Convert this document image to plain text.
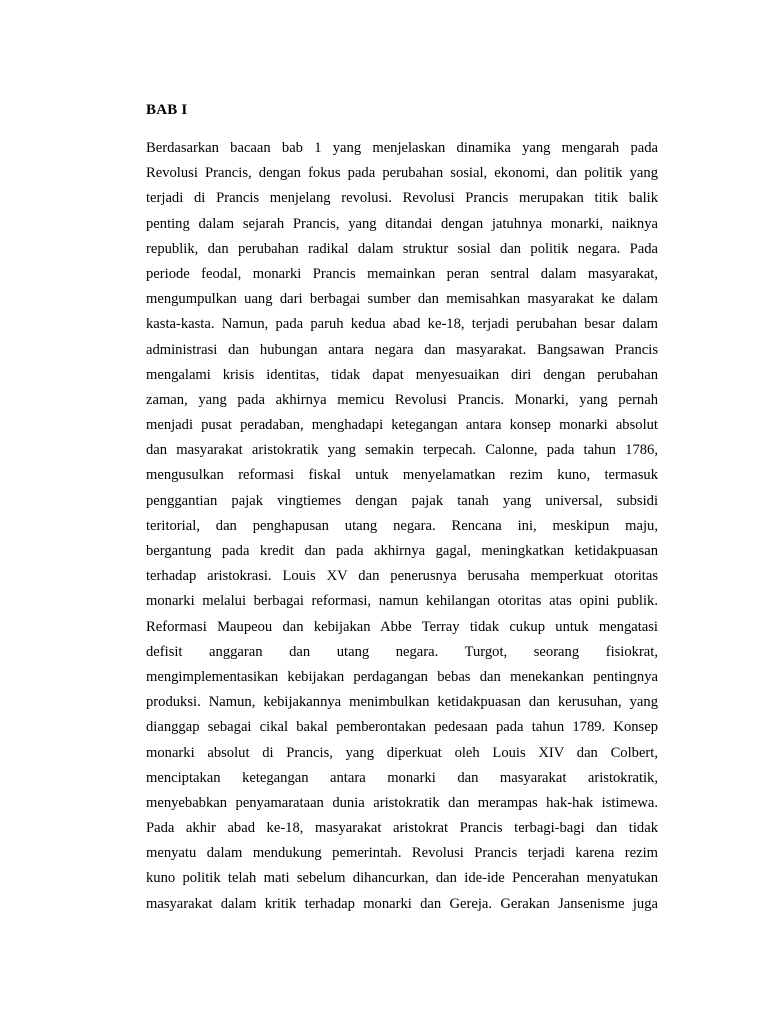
BAB I
Berdasarkan bacaan bab 1 yang menjelaskan dinamika yang mengarah pada
Revolusi Prancis, dengan fokus pada perubahan sosial, ekonomi, dan politik yang
terjadi di Prancis menjelang revolusi. Revolusi Prancis merupakan titik balik
penting dalam sejarah Prancis, yang ditandai dengan jatuhnya monarki, naiknya
republik, dan perubahan radikal dalam struktur sosial dan politik negara. Pada
periode feodal, monarki Prancis memainkan peran sentral dalam masyarakat,
mengumpulkan uang dari berbagai sumber dan memisahkan masyarakat ke dalam
kasta-kasta. Namun, pada paruh kedua abad ke-18, terjadi perubahan besar dalam
administrasi dan hubungan antara negara dan masyarakat. Bangsawan Prancis
mengalami krisis identitas, tidak dapat menyesuaikan diri dengan perubahan
zaman, yang pada akhirnya memicu Revolusi Prancis. Monarki, yang pernah
menjadi pusat peradaban, menghadapi ketegangan antara konsep monarki absolut
dan masyarakat aristokratik yang semakin terpecah. Calonne, pada tahun 1786,
mengusulkan reformasi fiskal untuk menyelamatkan rezim kuno, termasuk
penggantian pajak vingtiemes dengan pajak tanah yang universal, subsidi
teritorial, dan penghapusan utang negara. Rencana ini, meskipun maju,
bergantung pada kredit dan pada akhirnya gagal, meningkatkan ketidakpuasan
terhadap aristokrasi. Louis XV dan penerusnya berusaha memperkuat otoritas
monarki melalui berbagai reformasi, namun kehilangan otoritas atas opini publik.
Reformasi Maupeou dan kebijakan Abbe Terray tidak cukup untuk mengatasi
defisit anggaran dan utang negara. Turgot, seorang fisiokrat,
mengimplementasikan kebijakan perdagangan bebas dan menekankan pentingnya
produksi. Namun, kebijakannya menimbulkan ketidakpuasan dan kerusuhan, yang
dianggap sebagai cikal bakal pemberontakan pedesaan pada tahun 1789. Konsep
monarki absolut di Prancis, yang diperkuat oleh Louis XIV dan Colbert,
menciptakan ketegangan antara monarki dan masyarakat aristokratik,
menyebabkan penyamarataan dunia aristokratik dan merampas hak-hak istimewa.
Pada akhir abad ke-18, masyarakat aristokrat Prancis terbagi-bagi dan tidak
menyatu dalam mendukung pemerintah. Revolusi Prancis terjadi karena rezim
kuno politik telah mati sebelum dihancurkan, dan ide-ide Pencerahan menyatukan
masyarakat dalam kritik terhadap monarki dan Gereja. Gerakan Jansenisme juga
